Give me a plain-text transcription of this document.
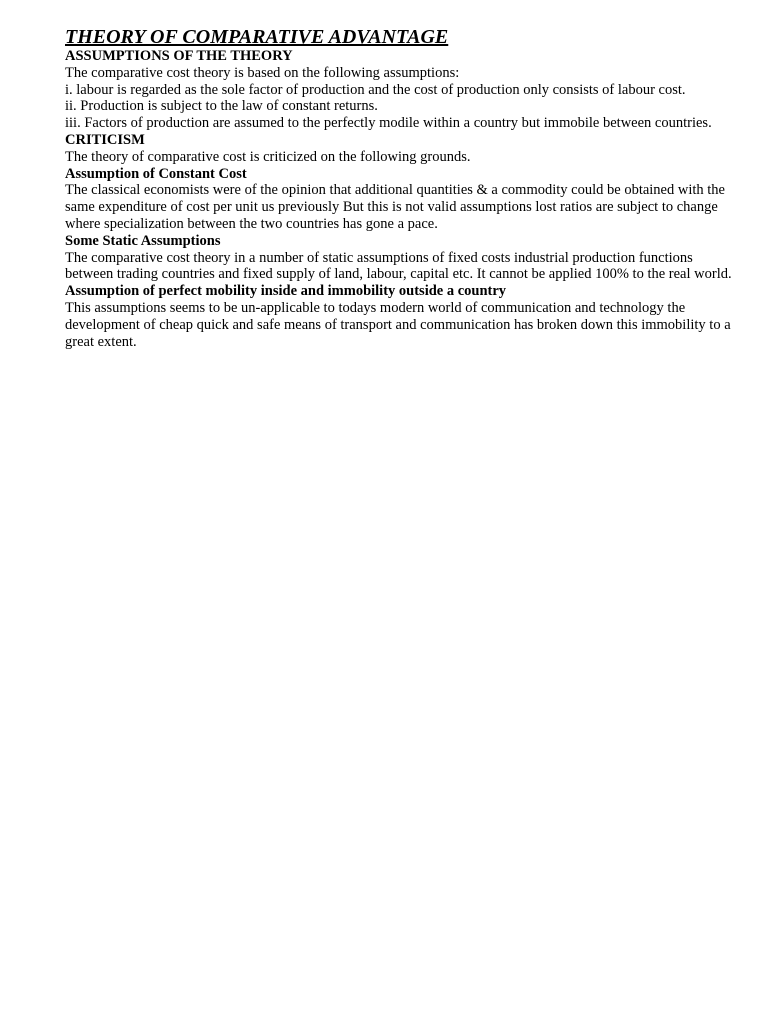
THEORY OF COMPARATIVE ADVANTAGE
ASSUMPTIONS OF THE THEORY
The comparative cost theory is based on the following assumptions:
i. labour is regarded as the sole factor of production and the cost of production only consists of labour cost.
ii. Production is subject to the law of constant returns.
iii. Factors of production are assumed to the perfectly modile within a country but immobile between countries.
CRITICISM
The theory of comparative cost is criticized on the following grounds.
Assumption of Constant Cost
The classical economists were of the opinion that additional quantities & a commodity could be obtained with the same expenditure of cost per unit us previously But this is not valid assumptions lost ratios are subject to change where specialization between the two countries has gone a pace.
Some Static Assumptions
The comparative cost theory in a number of static assumptions of fixed costs industrial production functions between trading countries and fixed supply of land, labour, capital etc. It cannot be applied 100% to the real world.
Assumption of perfect mobility inside and immobility outside a country
This assumptions seems to be un-applicable to todays modern world of communication and technology the development of cheap quick and safe means of transport and communication has broken down this immobility to a great extent.
